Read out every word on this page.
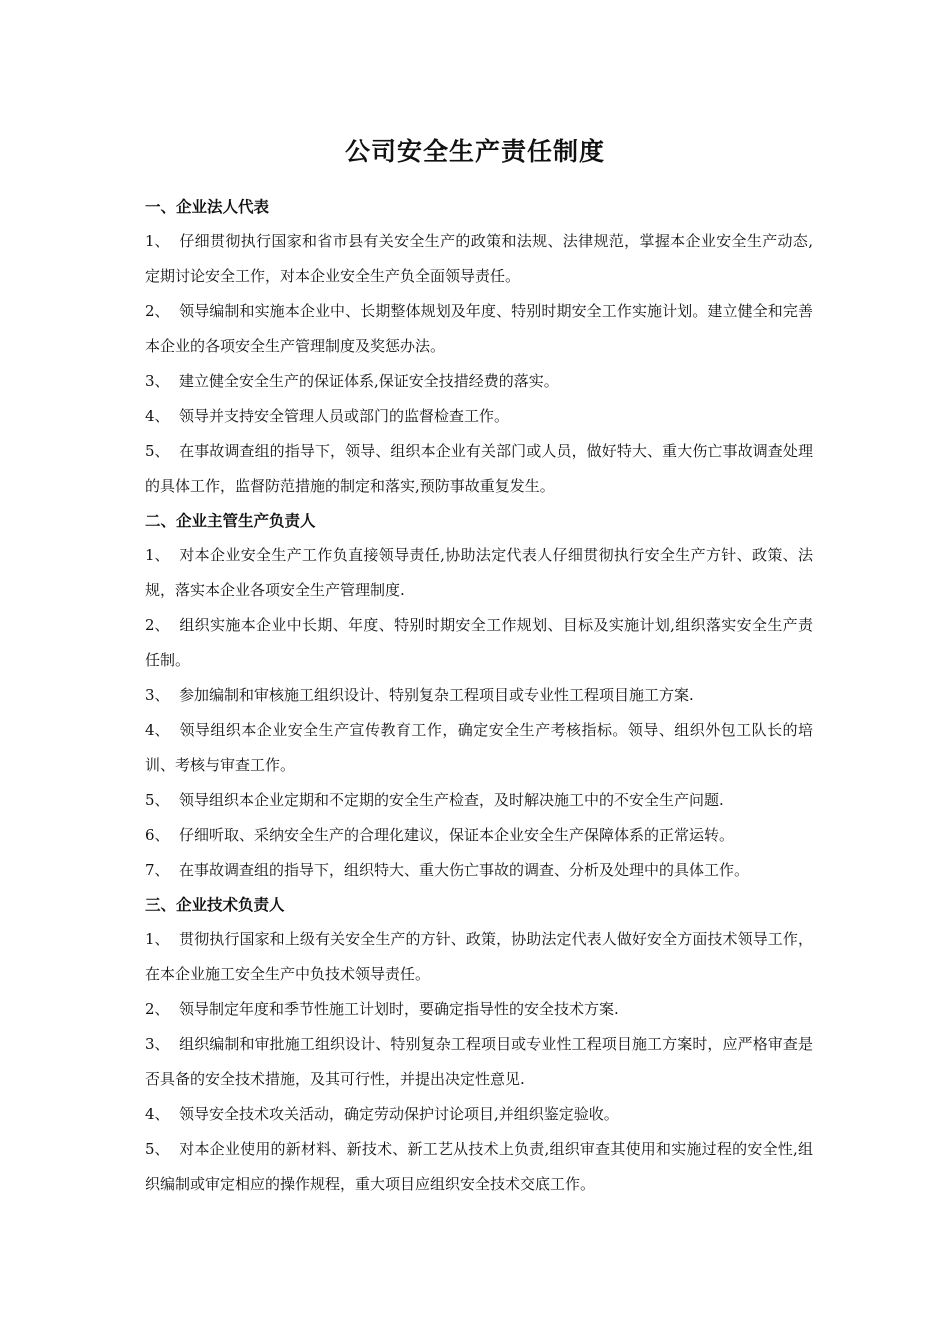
公司安全生产责任制度
一、企业法人代表
1、 仔细贯彻执行国家和省市县有关安全生产的政策和法规、法律规范，掌握本企业安全生产动态,定期讨论安全工作，对本企业安全生产负全面领导责任。
2、 领导编制和实施本企业中、长期整体规划及年度、特别时期安全工作实施计划。建立健全和完善本企业的各项安全生产管理制度及奖惩办法。
3、 建立健全安全生产的保证体系,保证安全技措经费的落实。
4、 领导并支持安全管理人员或部门的监督检查工作。
5、 在事故调查组的指导下，领导、组织本企业有关部门或人员，做好特大、重大伤亡事故调查处理的具体工作，监督防范措施的制定和落实,预防事故重复发生。
二、企业主管生产负责人
1、 对本企业安全生产工作负直接领导责任,协助法定代表人仔细贯彻执行安全生产方针、政策、法规，落实本企业各项安全生产管理制度.
2、 组织实施本企业中长期、年度、特别时期安全工作规划、目标及实施计划,组织落实安全生产责任制。
3、 参加编制和审核施工组织设计、特别复杂工程项目或专业性工程项目施工方案.
4、 领导组织本企业安全生产宣传教育工作，确定安全生产考核指标。领导、组织外包工队长的培训、考核与审查工作。
5、 领导组织本企业定期和不定期的安全生产检查，及时解决施工中的不安全生产问题.
6、 仔细听取、采纳安全生产的合理化建议，保证本企业安全生产保障体系的正常运转。
7、 在事故调查组的指导下，组织特大、重大伤亡事故的调查、分析及处理中的具体工作。
三、企业技术负责人
1、 贯彻执行国家和上级有关安全生产的方针、政策，协助法定代表人做好安全方面技术领导工作，在本企业施工安全生产中负技术领导责任。
2、 领导制定年度和季节性施工计划时，要确定指导性的安全技术方案.
3、 组织编制和审批施工组织设计、特别复杂工程项目或专业性工程项目施工方案时，应严格审查是否具备的安全技术措施，及其可行性，并提出决定性意见.
4、 领导安全技术攻关活动，确定劳动保护讨论项目,并组织鉴定验收。
5、 对本企业使用的新材料、新技术、新工艺从技术上负责,组织审查其使用和实施过程的安全性,组织编制或审定相应的操作规程，重大项目应组织安全技术交底工作。
